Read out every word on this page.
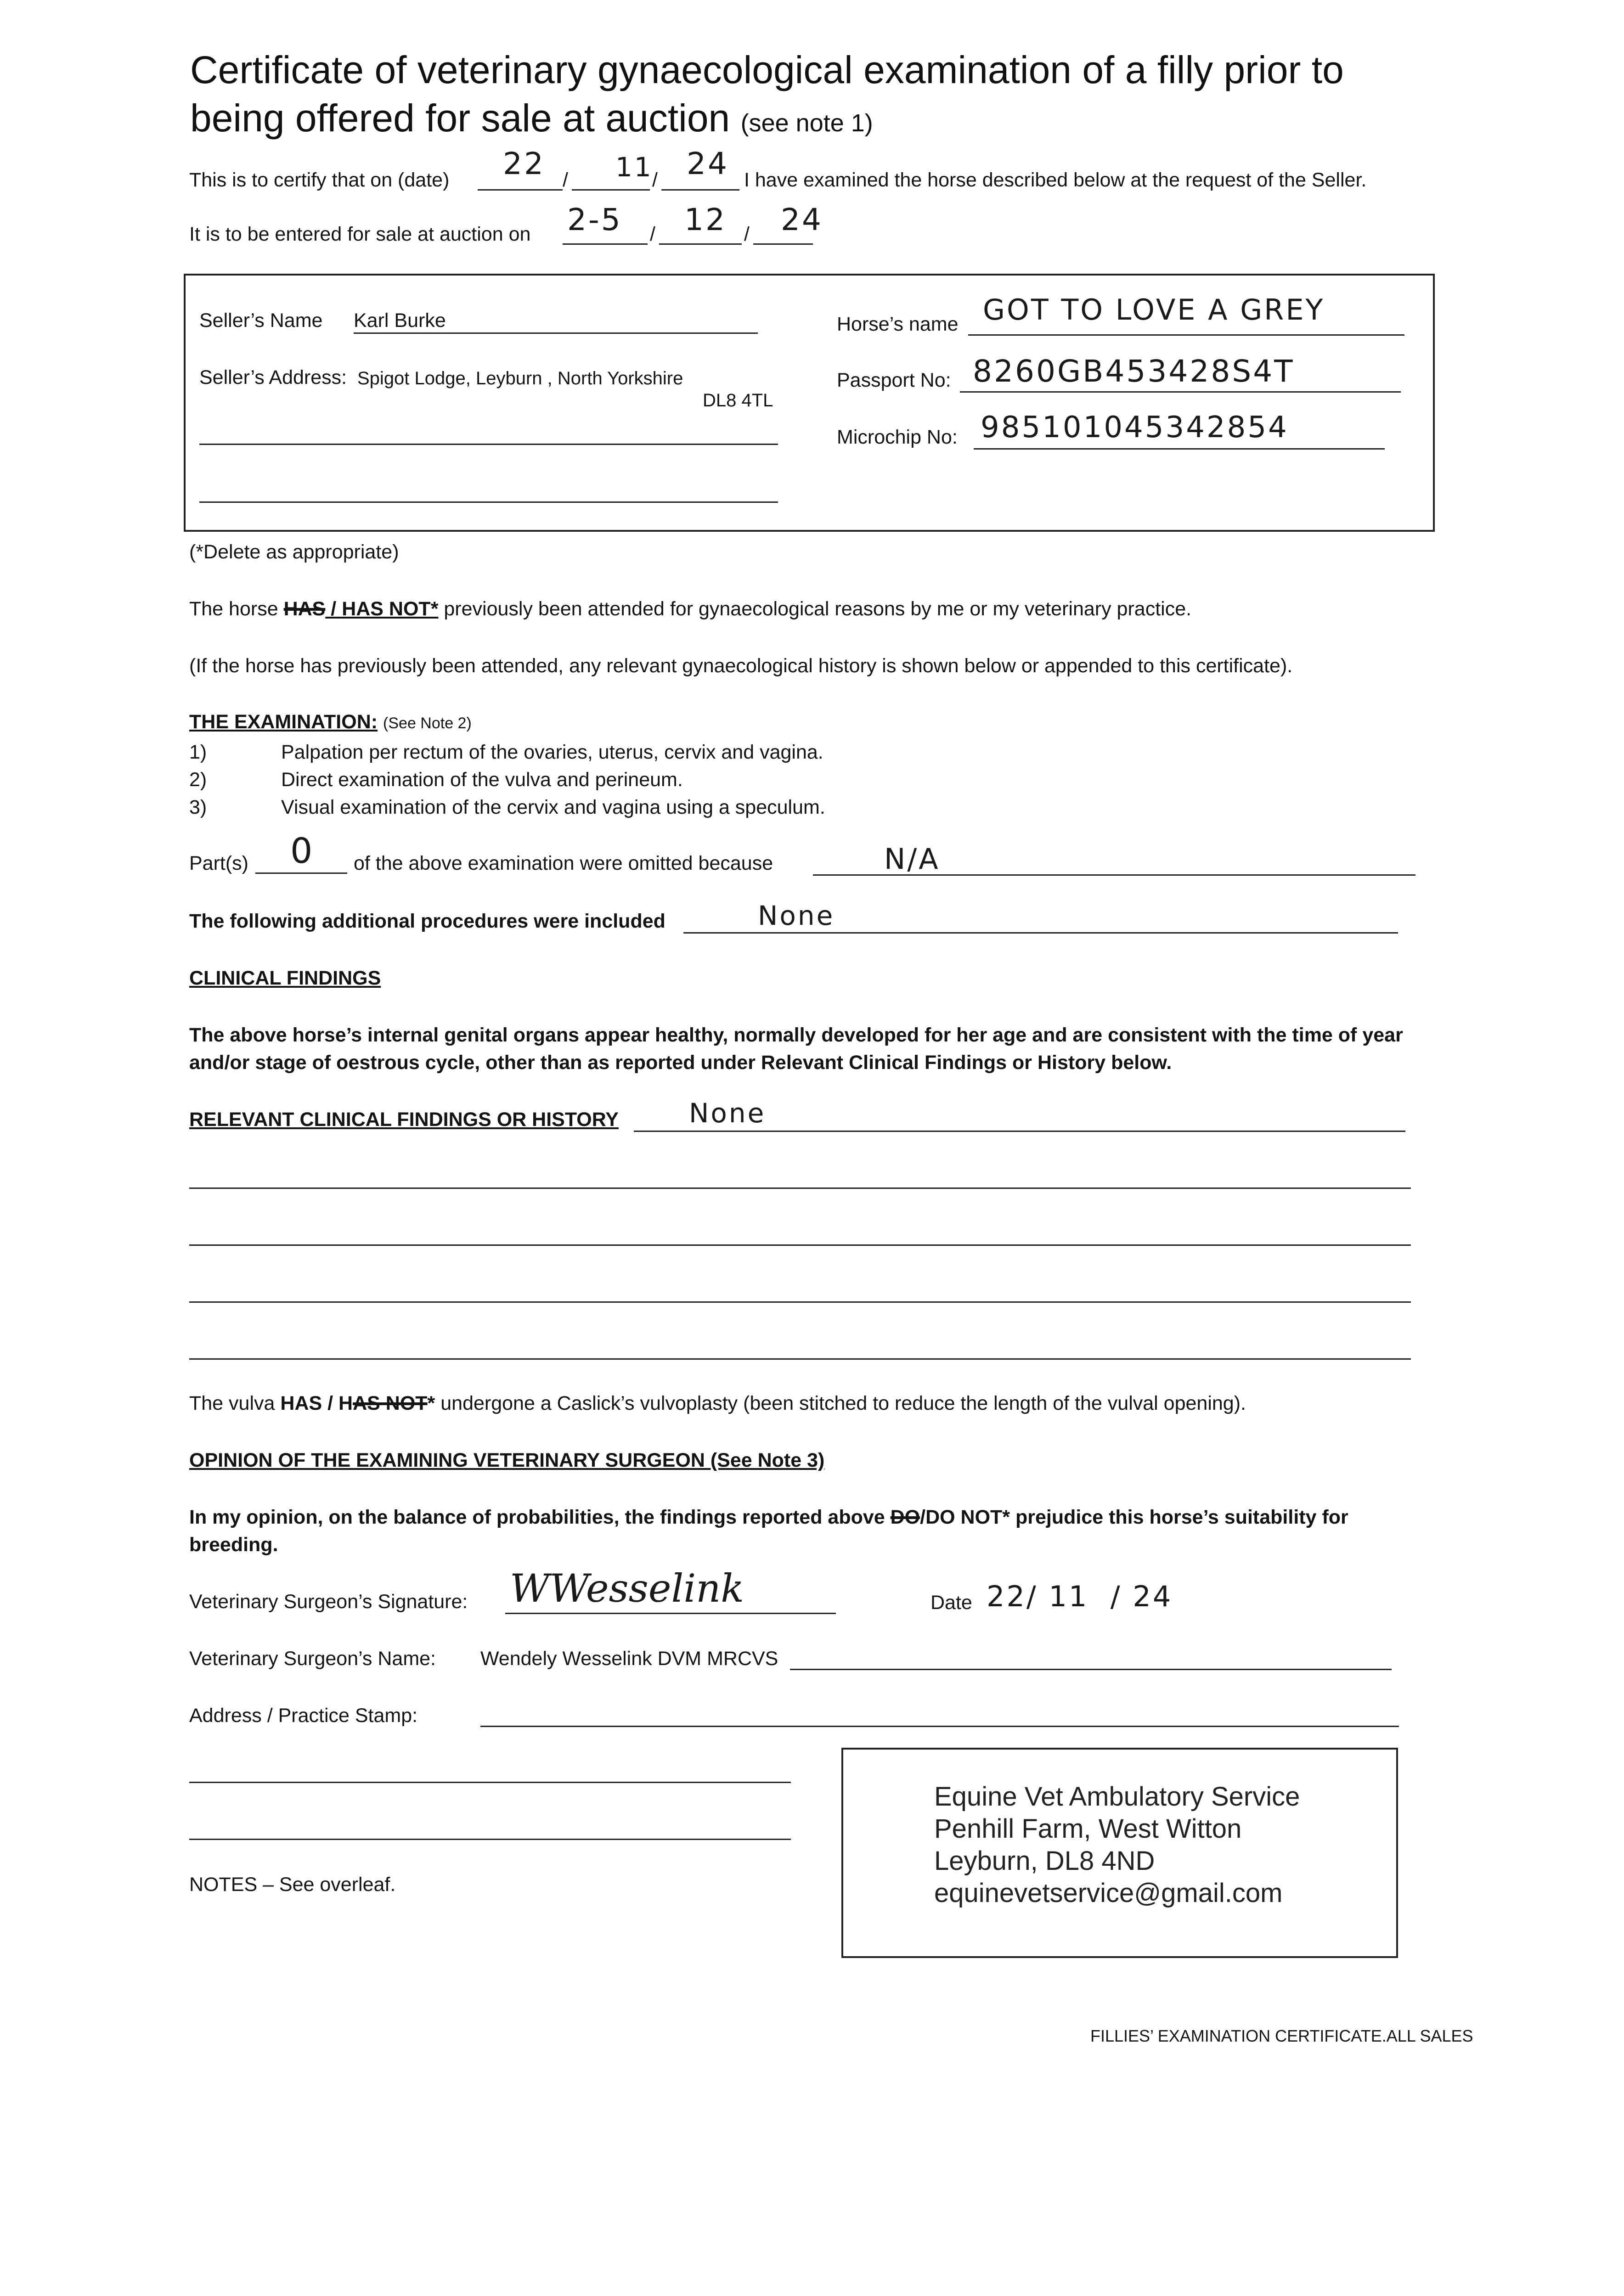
Certificate of veterinary gynaecological examination of a filly prior to
being offered for sale at auction (see note 1)
This is to certify that on (date) 22 / 11
/ 24 I have examined the horse described below at the request of the Seller.
It is to be entered for sale at auction on 2-5 / 12 / 24
Seller’s Name Karl Burke
Seller’s Address: Spigot Lodge, Leyburn , North Yorkshire
DL8 4TL
Horse’s name GOT TO LOVE A GREY
Passport No: 8260GB453428S4T
Microchip No: 985101045342854
(*Delete as appropriate)
The horse HAS / HAS NOT* previously been attended for gynaecological reasons by me or my veterinary practice.
(If the horse has previously been attended, any relevant gynaecological history is shown below or appended to this certificate).
THE EXAMINATION: (See Note 2)
1)	Palpation per rectum of the ovaries, uterus, cervix and vagina.
2)	Direct examination of the vulva and perineum.
3)	Visual examination of the cervix and vagina using a speculum.
Part(s) 0 of the above examination were omitted because	N/A
The following additional procedures were included	None
CLINICAL FINDINGS
The above horse’s internal genital organs appear healthy, normally developed for her age and are consistent with the time of year
and/or stage of oestrous cycle, other than as reported under Relevant Clinical Findings or History below.
RELEVANT CLINICAL FINDINGS OR HISTORY	None
The vulva HAS / HAS NOT* undergone a Caslick’s vulvoplasty (been stitched to reduce the length of the vulval opening).
OPINION OF THE EXAMINING VETERINARY SURGEON (See Note 3)
In my opinion, on the balance of probabilities, the findings reported above DO/DO NOT* prejudice this horse’s suitability for
breeding.
Veterinary Surgeon’s Signature: WWesselink	Date 22/ 11  / 24
Veterinary Surgeon’s Name: Wendely Wesselink DVM MRCVS
Address / Practice Stamp:
Equine Vet Ambulatory Service
Penhill Farm, West Witton
Leyburn, DL8 4ND
equinevetservice@gmail.com
NOTES – See overleaf.
FILLIES’ EXAMINATION CERTIFICATE.ALL SALES
